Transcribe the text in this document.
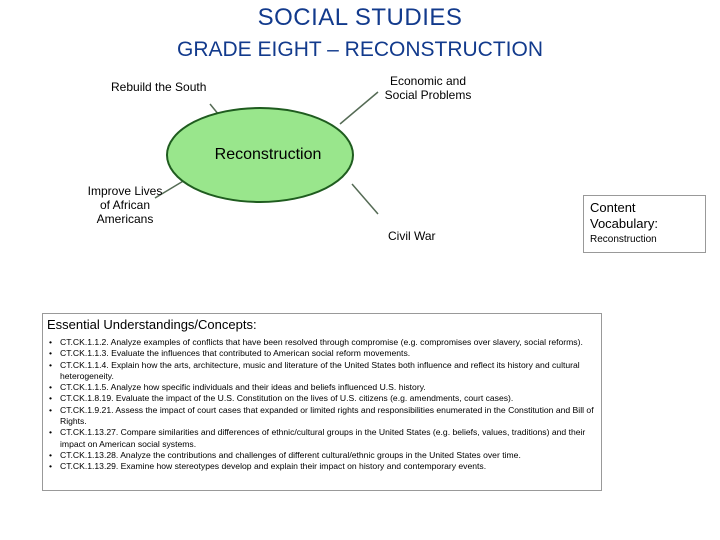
SOCIAL STUDIES
GRADE EIGHT – RECONSTRUCTION
Reconstruction
Rebuild the South	Economic and Social Problems
Improve Lives of African Americans
Civil War
Content Vocabulary:
Reconstruction
Essential Understandings/Concepts:
• CT.CK.1.1.2. Analyze examples of conflicts that have been resolved through compromise (e.g. compromises over slavery, social reforms).
• CT.CK.1.1.3. Evaluate the influences that contributed to American social reform movements.
• CT.CK.1.1.4. Explain how the arts, architecture, music and literature of the United States both influence and reflect its history and cultural heterogeneity.
• CT.CK.1.1.5. Analyze how specific individuals and their ideas and beliefs influenced U.S. history.
• CT.CK.1.8.19. Evaluate the impact of the U.S. Constitution on the lives of U.S. citizens (e.g. amendments, court cases).
• CT.CK.1.9.21. Assess the impact of court cases that expanded or limited rights and responsibilities enumerated in the Constitution and Bill of Rights.
• CT.CK.1.13.27. Compare similarities and differences of ethnic/cultural groups in the United States (e.g. beliefs, values, traditions) and their impact on American social systems.
• CT.CK.1.13.28. Analyze the contributions and challenges of different cultural/ethnic groups in the United States over time.
• CT.CK.1.13.29. Examine how stereotypes develop and explain their impact on history and contemporary events.
